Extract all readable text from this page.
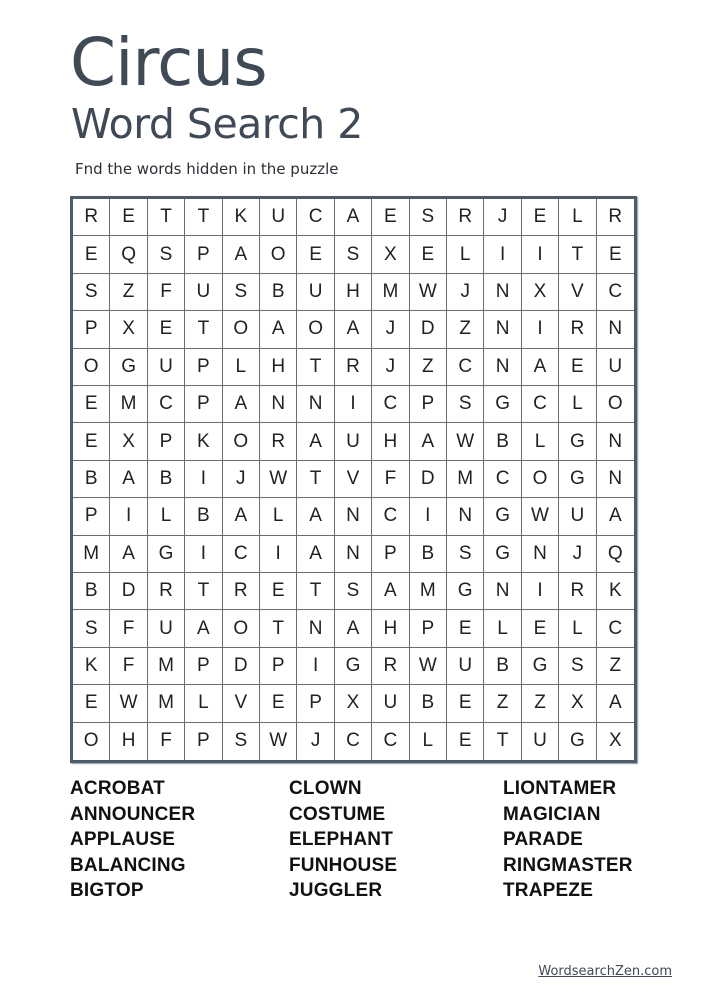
Circus
Word Search 2
Fnd the words hidden in the puzzle
R	E	T	T	K	U	C	A	E	S	R	J	E	L	R
E	Q	S	P	A	O	E	S	X	E	L	I	I	T	E
S	Z	F	U	S	B	U	H	M	W	J	N	X	V	C
P	X	E	T	O	A	O	A	J	D	Z	N	I	R	N
O	G	U	P	L	H	T	R	J	Z	C	N	A	E	U
E	M	C	P	A	N	N	I	C	P	S	G	C	L	O
E	X	P	K	O	R	A	U	H	A	W	B	L	G	N
B	A	B	I	J	W	T	V	F	D	M	C	O	G	N
P	I	L	B	A	L	A	N	C	I	N	G	W	U	A
M	A	G	I	C	I	A	N	P	B	S	G	N	J	Q
B	D	R	T	R	E	T	S	A	M	G	N	I	R	K
S	F	U	A	O	T	N	A	H	P	E	L	E	L	C
K	F	M	P	D	P	I	G	R	W	U	B	G	S	Z
E	W	M	L	V	E	P	X	U	B	E	Z	Z	X	A
O	H	F	P	S	W	J	C	C	L	E	T	U	G	X
ACROBAT
ANNOUNCER
APPLAUSE
BALANCING
BIGTOP
CLOWN
COSTUME
ELEPHANT
FUNHOUSE
JUGGLER
LIONTAMER
MAGICIAN
PARADE
RINGMASTER
TRAPEZE
WordsearchZen.com
